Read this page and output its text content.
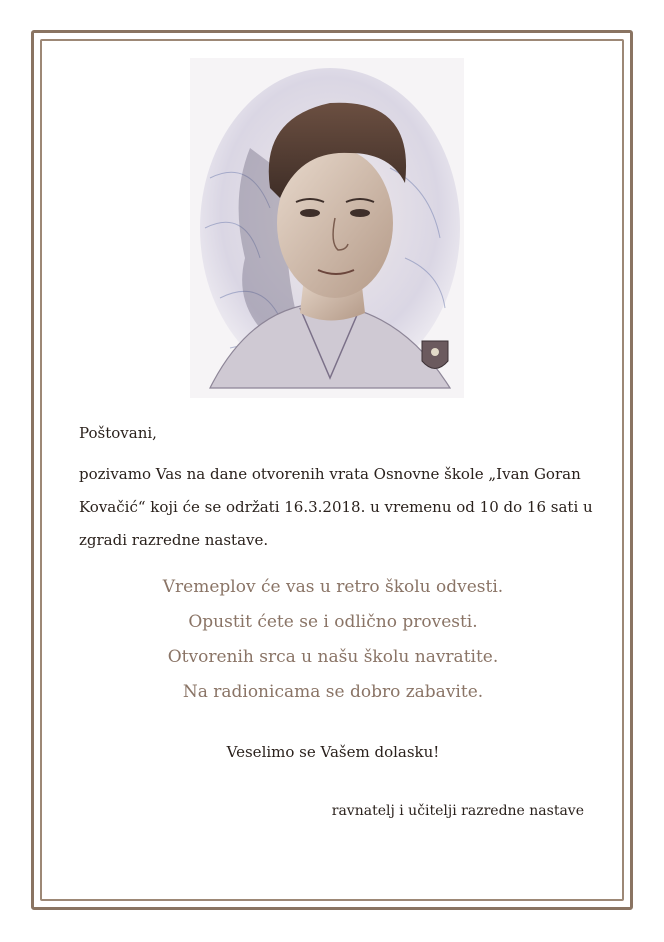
Poštovani,
pozivamo Vas na dane otvorenih vrata Osnovne škole „Ivan Goran Kovačić“ koji će se održati 16.3.2018. u vremenu od 10 do 16 sati u zgradi razredne nastave.
Vremeplov će vas u retro školu odvesti.
Opustit ćete se i odlično provesti.
Otvorenih srca u našu školu navratite.
Na radionicama se dobro zabavite.
Veselimo se Vašem dolasku!
ravnatelj i učitelji razredne nastave
